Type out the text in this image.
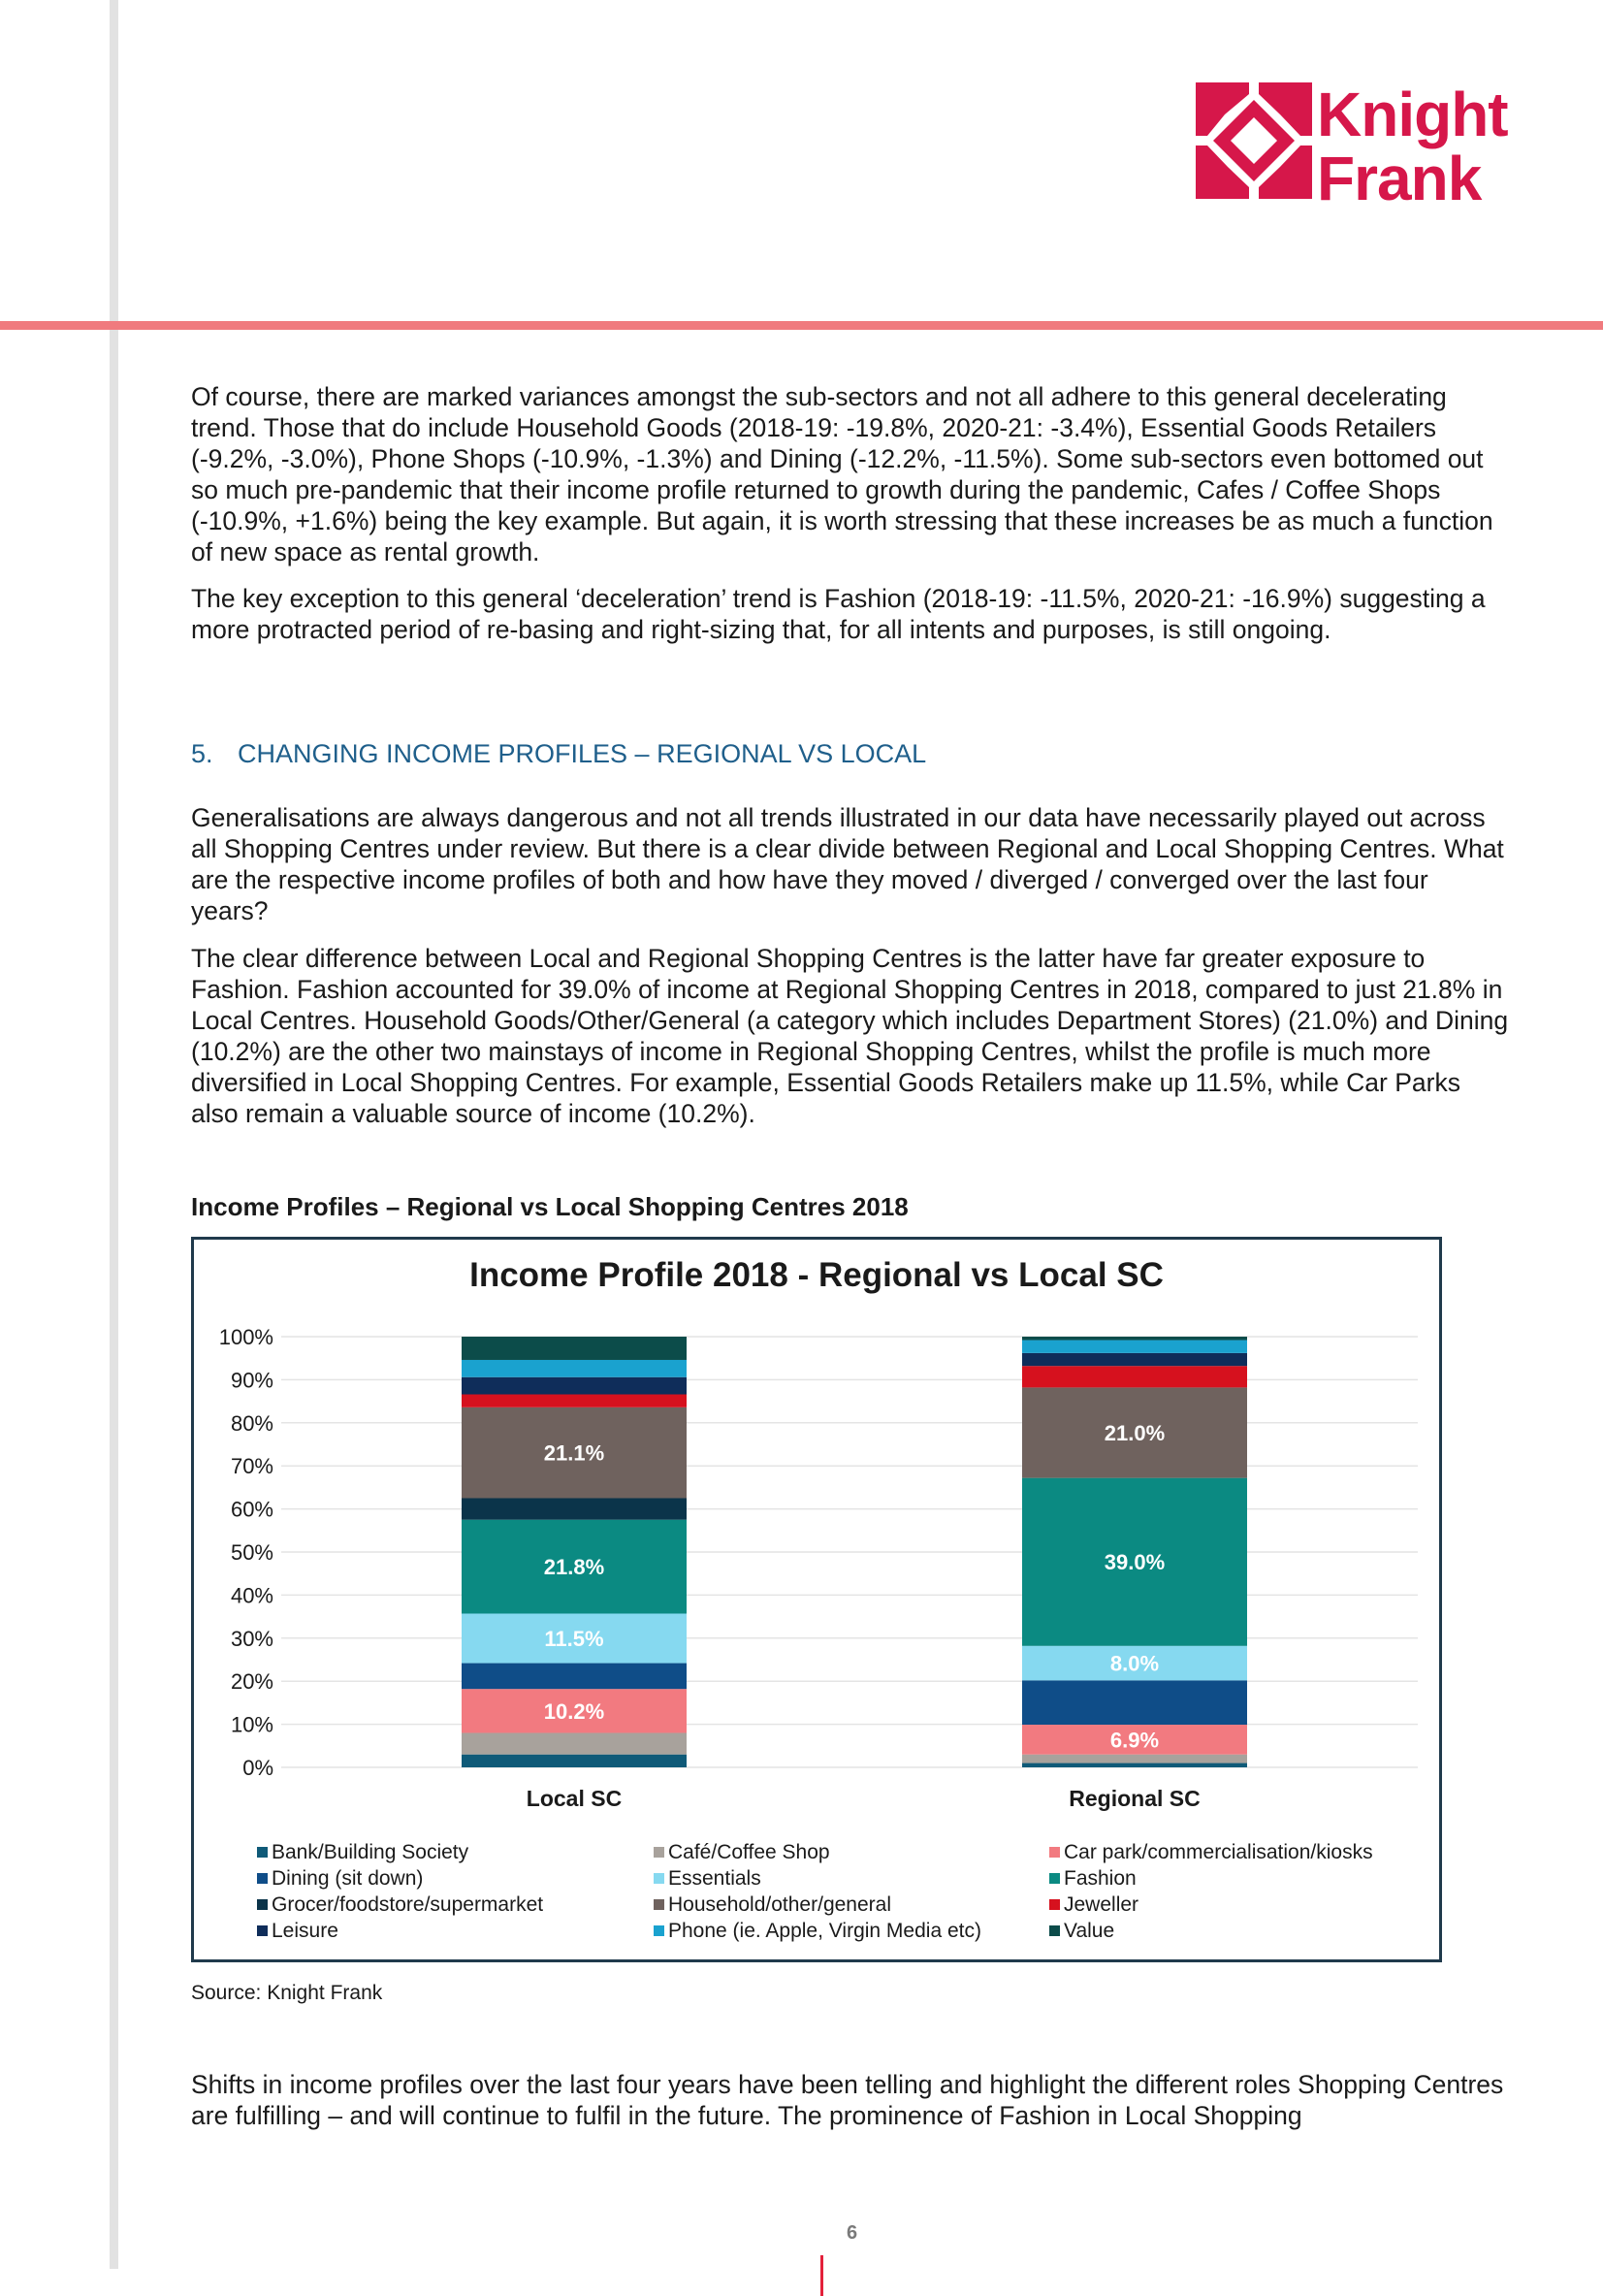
Knight
Frank

Of course, there are marked variances amongst the sub-sectors and not all adhere to this general decelerating trend. Those that do include Household Goods (2018-19: -19.8%, 2020-21: -3.4%), Essential Goods Retailers (-9.2%, -3.0%), Phone Shops (-10.9%, -1.3%) and Dining (-12.2%, -11.5%). Some sub-sectors even bottomed out so much pre-pandemic that their income profile returned to growth during the pandemic, Cafes / Coffee Shops (-10.9%, +1.6%) being the key example. But again, it is worth stressing that these increases be as much a function of new space as rental growth.

The key exception to this general ‘deceleration’ trend is Fashion (2018-19: -11.5%, 2020-21: -16.9%) suggesting a more protracted period of re-basing and right-sizing that, for all intents and purposes, is still ongoing.

5. CHANGING INCOME PROFILES – REGIONAL VS LOCAL

Generalisations are always dangerous and not all trends illustrated in our data have necessarily played out across all Shopping Centres under review. But there is a clear divide between Regional and Local Shopping Centres. What are the respective income profiles of both and how have they moved / diverged / converged over the last four years?

The clear difference between Local and Regional Shopping Centres is the latter have far greater exposure to Fashion. Fashion accounted for 39.0% of income at Regional Shopping Centres in 2018, compared to just 21.8% in Local Centres. Household Goods/Other/General (a category which includes Department Stores) (21.0%) and Dining (10.2%) are the other two mainstays of income in Regional Shopping Centres, whilst the profile is much more diversified in Local Shopping Centres. For example, Essential Goods Retailers make up 11.5%, while Car Parks also remain a valuable source of income (10.2%).

Income Profiles – Regional vs Local Shopping Centres 2018
Income Profile 2018 - Regional vs Local SC
0%
10%
20%
30%
40%
50%
60%
70%
80%
90%
100%
10.2%
11.5%
21.8%
21.1%
Local SC
6.9%
8.0%
39.0%
21.0%
Regional SC
Bank/Building Society	Café/Coffee Shop	Car park/commercialisation/kiosks
Dining (sit down)	Essentials	Fashion
Grocer/foodstore/supermarket	Household/other/general	Jeweller
Leisure	Phone (ie. Apple, Virgin Media etc)	Value
Source: Knight Frank

Shifts in income profiles over the last four years have been telling and highlight the different roles Shopping Centres are fulfilling – and will continue to fulfil in the future. The prominence of Fashion in Local Shopping

6
